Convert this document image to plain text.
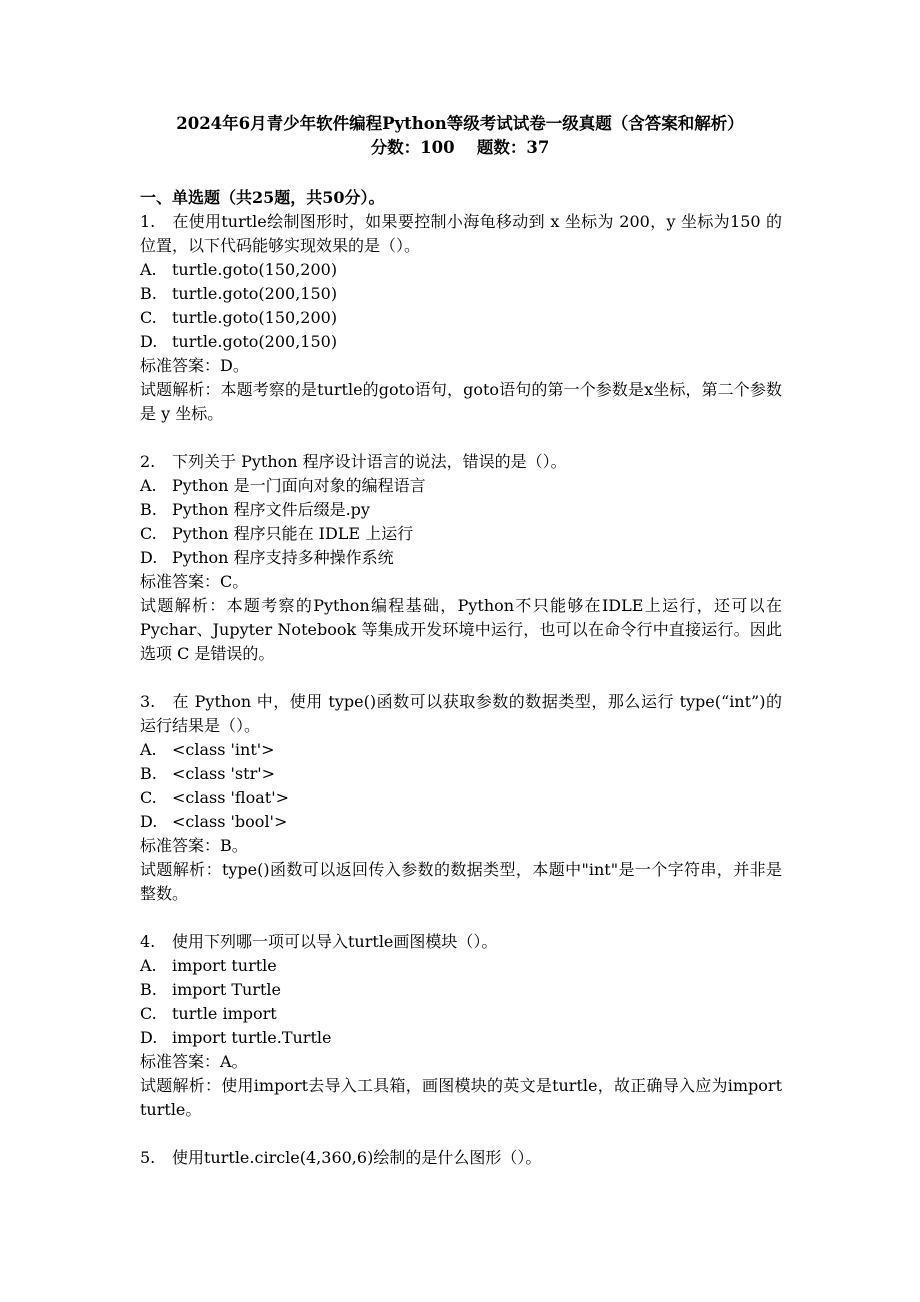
2024年6月青少年软件编程Python等级考试试卷一级真题（含答案和解析）
分数：100　 题数：37
一、单选题（共25题，共50分）。
1. 在使用turtle绘制图形时，如果要控制小海龟移动到 x 坐标为 200，y 坐标为150 的位置，以下代码能够实现效果的是（）。
A. turtle.goto(150,200)
B. turtle.goto(200,150)
C. turtle.goto(150,200)
D. turtle.goto(200,150)
标准答案：D。
试题解析：本题考察的是turtle的goto语句，goto语句的第一个参数是x坐标，第二个参数是 y 坐标。
2. 下列关于 Python 程序设计语言的说法，错误的是（）。
A. Python 是一门面向对象的编程语言
B. Python 程序文件后缀是.py
C. Python 程序只能在 IDLE 上运行
D. Python 程序支持多种操作系统
标准答案：C。
试题解析：本题考察的Python编程基础，Python不只能够在IDLE上运行，还可以在 Pychar、Jupyter Notebook 等集成开发环境中运行，也可以在命令行中直接运行。因此选项 C 是错误的。
3. 在 Python 中，使用 type()函数可以获取参数的数据类型，那么运行 type(“int”)的运行结果是（）。
A. <class 'int'>
B. <class 'str'>
C. <class 'float'>
D. <class 'bool'>
标准答案：B。
试题解析：type()函数可以返回传入参数的数据类型，本题中"int"是一个字符串，并非是整数。
4. 使用下列哪一项可以导入turtle画图模块（）。
A. import turtle
B. import Turtle
C. turtle import
D. import turtle.Turtle
标准答案：A。
试题解析：使用import去导入工具箱，画图模块的英文是turtle，故正确导入应为import turtle。
5. 使用turtle.circle(4,360,6)绘制的是什么图形（）。
